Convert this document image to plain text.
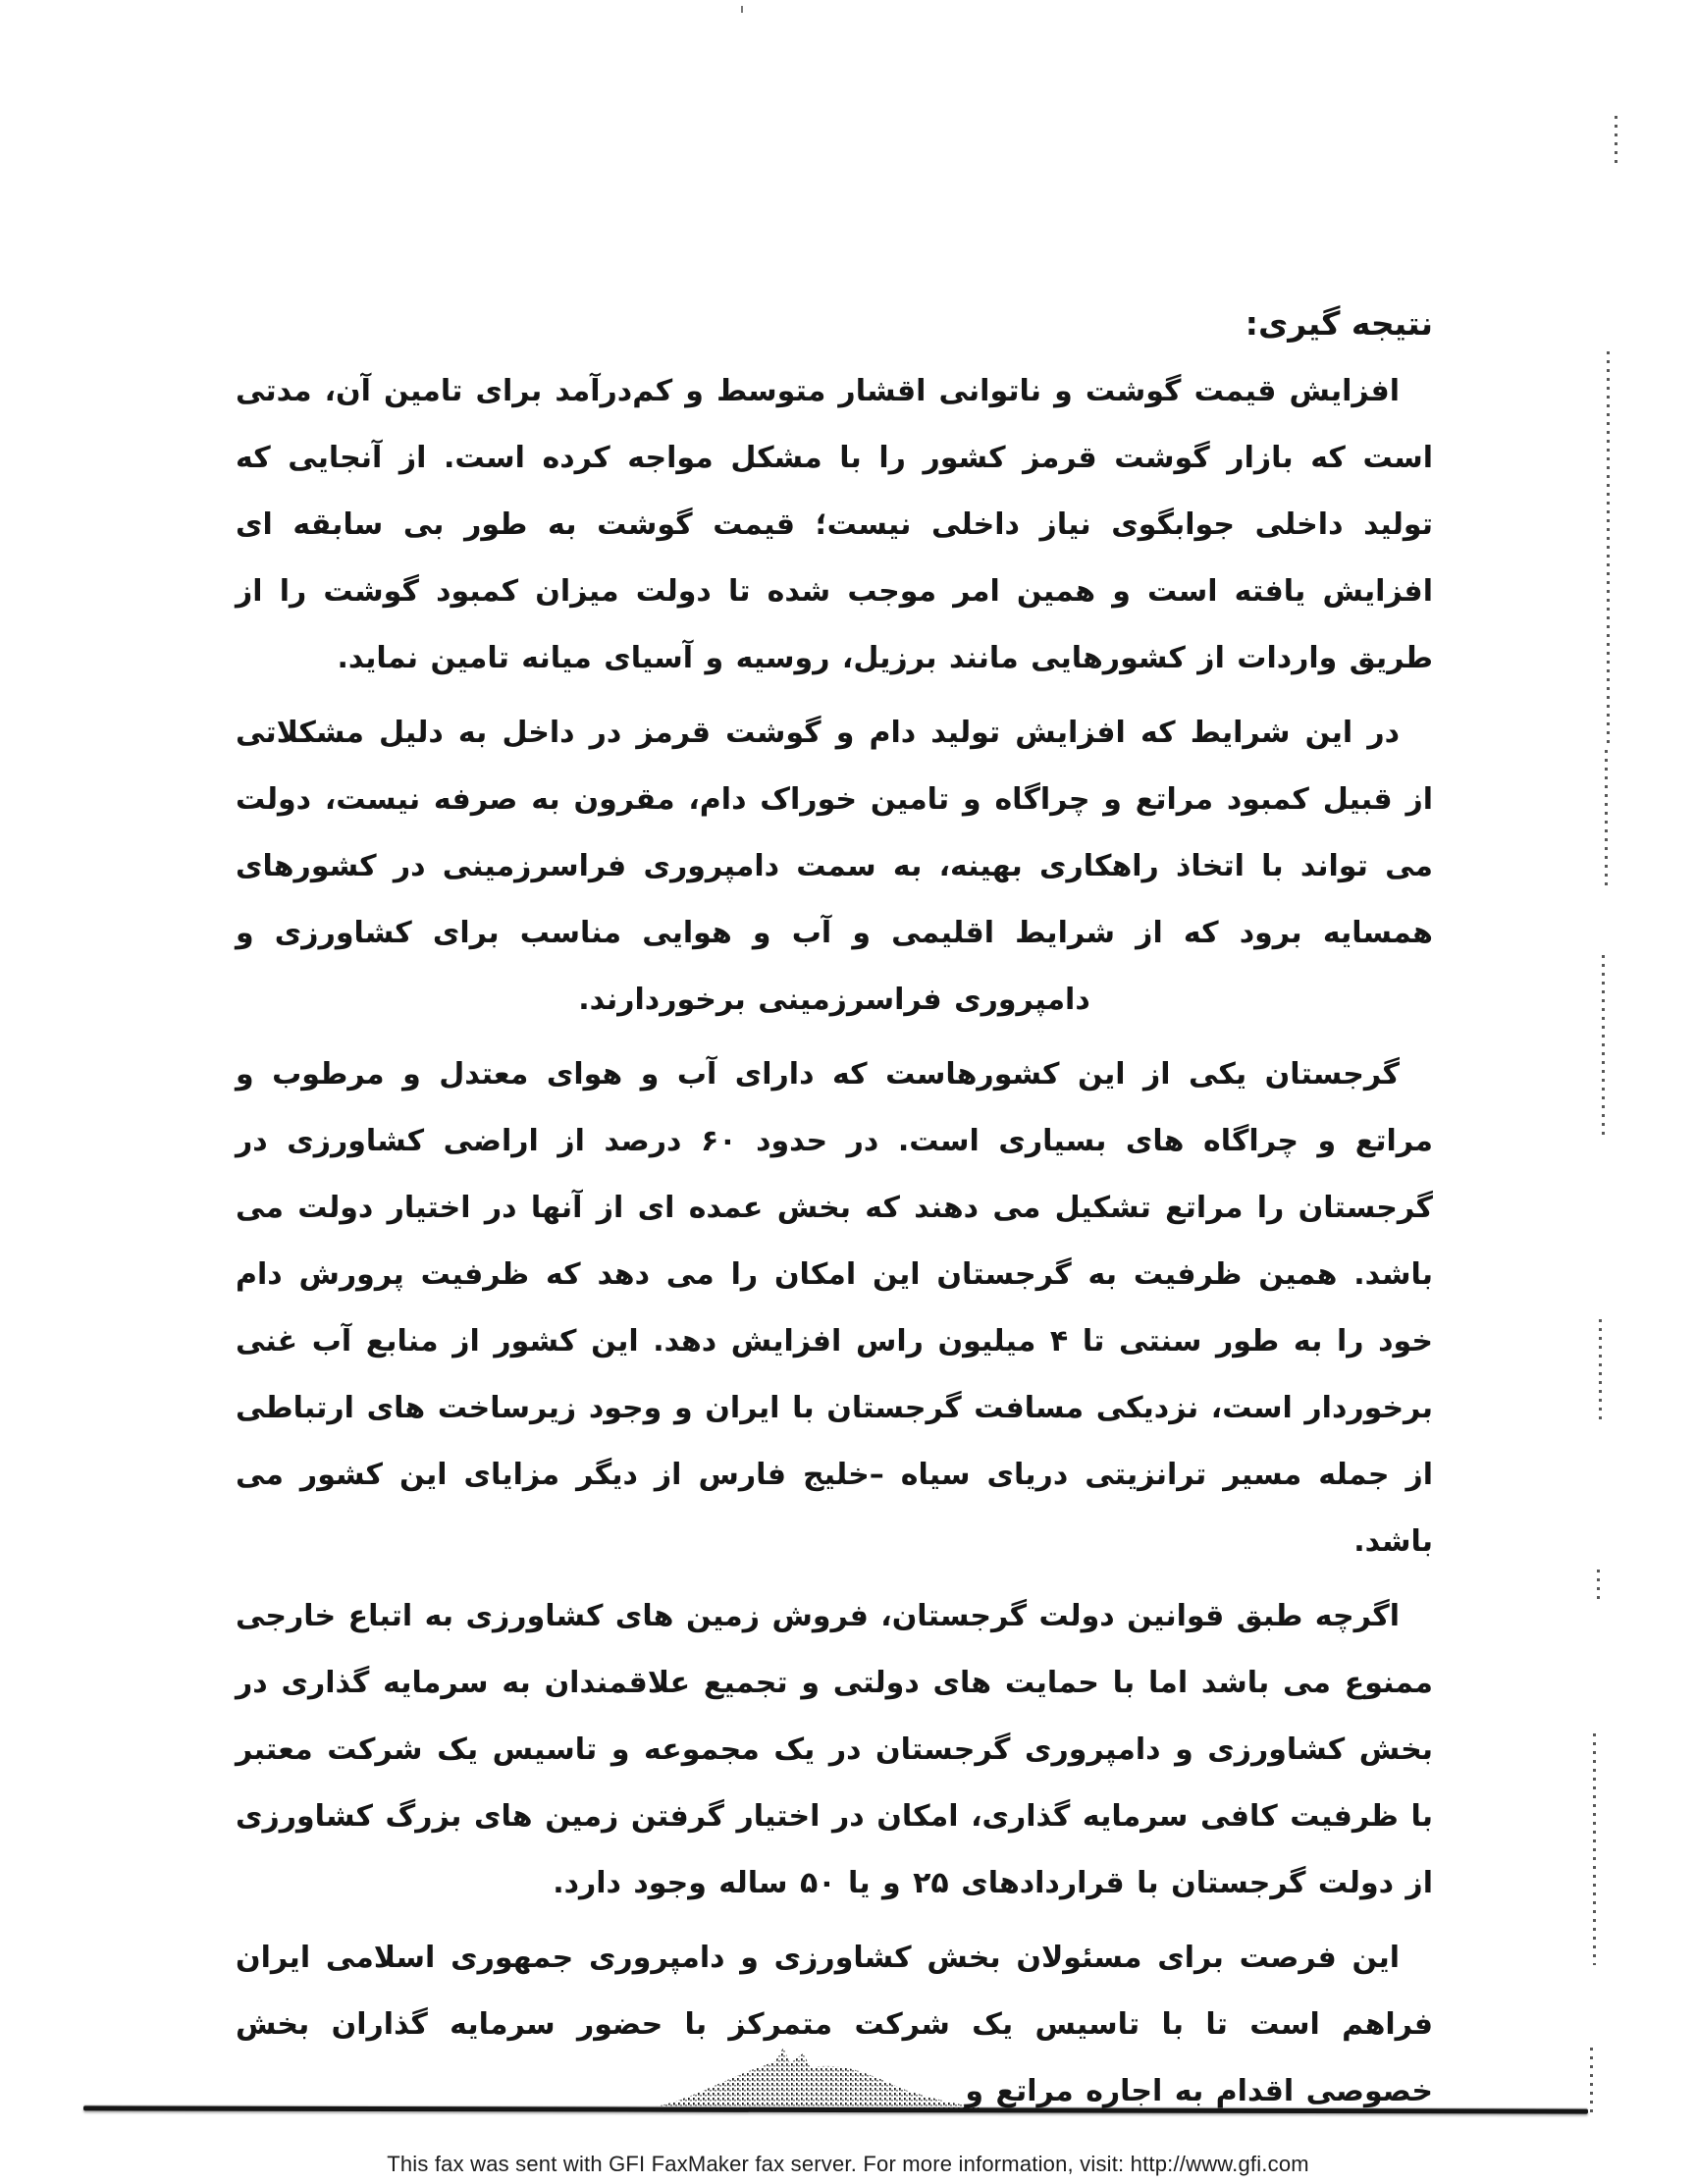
نتیجه گیری:

افزایش قیمت گوشت و ناتوانی اقشار متوسط و کم‌درآمد برای تامین آن، مدتی است که بازار گوشت قرمز کشور را با مشکل مواجه کرده است. از آنجایی که تولید داخلی جوابگوی نیاز داخلی نیست؛ قیمت گوشت به طور بی سابقه ای افزایش یافته است و همین امر موجب شده تا دولت میزان کمبود گوشت را از طریق واردات از کشورهایی مانند برزیل، روسیه و آسیای میانه تامین نماید.

در این شرایط که افزایش تولید دام و گوشت قرمز در داخل به دلیل مشکلاتی از قبیل کمبود مراتع و چراگاه و تامین خوراک دام، مقرون به صرفه نیست، دولت می تواند با اتخاذ راهکاری بهینه، به سمت دامپروری فراسرزمینی در کشورهای همسایه برود که از شرایط اقلیمی و آب و هوایی مناسب برای کشاورزی و دامپروری فراسرزمینی برخوردارند.

گرجستان یکی از این کشورهاست که دارای آب و هوای معتدل و مرطوب و مراتع و چراگاه های بسیاری است. در حدود ۶۰ درصد از اراضی کشاورزی در گرجستان را مراتع تشکیل می دهند که بخش عمده ای از آنها در اختیار دولت می باشد. همین ظرفیت به گرجستان این امکان را می دهد که ظرفیت پرورش دام خود را به طور سنتی تا ۴ میلیون راس افزایش دهد. این کشور از منابع آب غنی برخوردار است، نزدیکی مسافت گرجستان با ایران و وجود زیرساخت های ارتباطی از جمله مسیر ترانزیتی دریای سیاه –خلیج فارس از دیگر مزایای این کشور می باشد.

اگرچه طبق قوانین دولت گرجستان، فروش زمین های کشاورزی به اتباع خارجی ممنوع می باشد اما با حمایت های دولتی و تجمیع علاقمندان به سرمایه گذاری در بخش کشاورزی و دامپروری گرجستان در یک مجموعه و تاسیس یک شرکت معتبر با ظرفیت کافی سرمایه گذاری، امکان در اختیار گرفتن زمین های بزرگ کشاورزی از دولت گرجستان با قراردادهای ۲۵ و یا ۵۰ ساله وجود دارد.

این فرصت برای مسئولان بخش کشاورزی و دامپروری جمهوری اسلامی ایران فراهم است تا با تاسیس یک شرکت متمرکز با حضور سرمایه گذاران بخش خصوصی اقدام به اجاره مراتع و

This fax was sent with GFI FaxMaker fax server. For more information, visit: http://www.gfi.com
